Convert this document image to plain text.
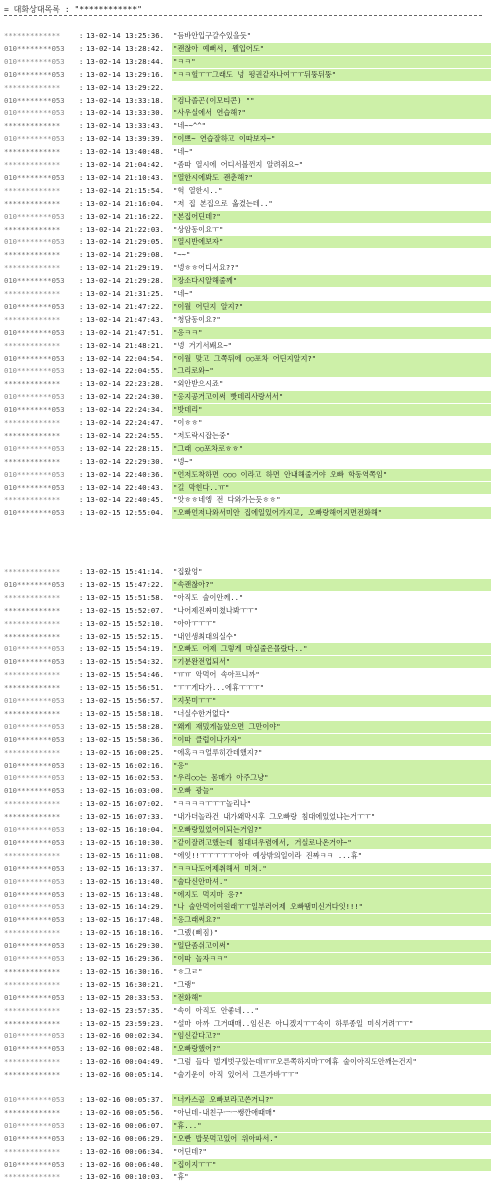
= 대화상대목록 : "************"
*************	: 13-02-14 13:25:36. "듬바안입구갈수있을듯"
010********053	: 13-02-14 13:28:42. "괜찮아 예뻐서, 웰입어도"
010********053	: 13-02-14 13:28:44. "ㅋㅋ"
010********053	: 13-02-14 13:29:16. "ㅋㅋ헐ㅜㅜ그래도 넝 펑권같자나여ㅜㅜ뒤뚱뒤뚱"
*************	: 13-02-14 13:29:22.
010********053	: 13-02-14 13:33:18. "검나졸곤(이모티콘) ""
010********053	: 13-02-14 13:33:30. "사우실에서 연습해?"
*************	: 13-02-14 13:33:43. "네~~^^"
010********053	: 13-02-14 13:39:39. "이쁘~ 연습잘하고 이따보자~"
*************	: 13-02-14 13:40:48. "네~"
*************	: 13-02-14 21:04:42. "좀따 열시에 어디서볼껀지 알려줘요~"
010********053	: 13-02-14 21:10:43. "열한시에봐도 괜춘해?"
*************	: 13-02-14 21:15:54. "헉 열한시.."
*************	: 13-02-14 21:16:04. "저 집 본집으로 옮겼는데.."
010********053	: 13-02-14 21:16:22. "본집어딘데?"
*************	: 13-02-14 21:22:03. "상암동이요ㅜ"
010********053	: 13-02-14 21:29:05. "열시반에보자"
*************	: 13-02-14 21:29:08. "~~"
*************	: 13-02-14 21:29:19. "넹ㅎㅎ어디서요??"
010********053	: 13-02-14 21:29:28. "장소다시알해줄께"
*************	: 13-02-14 21:31:25. "네~"
010********053	: 13-02-14 21:47:22. "이월 어딘지 알지?"
*************	: 13-02-14 21:47:43. "청담동이요?"
010********053	: 13-02-14 21:47:51. "응ㅋㅋ"
*************	: 13-02-14 21:48:21. "넹 거기서봬요~"
010********053	: 13-02-14 22:04:54. "이월 맞고 그쪽뒤에 ○○포차 어딘지알지?"
010********053	: 13-02-14 22:04:55. "그리로와~"
*************	: 13-02-14 22:23:28. "외안받으시죠"
010********053	: 13-02-14 22:24:30. "옹지공거고이써 빳데리사랑서서"
010********053	: 13-02-14 22:24:34. "밧데리"
*************	: 13-02-14 22:24:47. "이ㅎㅎ"
*************	: 13-02-14 22:24:55. "저도락시잡는중"
010********053	: 13-02-14 22:28:15. "그래 ○○포차로ㅎㅎ"
*************	: 13-02-14 22:29:30. "넹~"
010********053	: 13-02-14 22:40:36. "언저도착하면 ○○○ 이라고 하면 안내해줄거야 오빠 학동역쪽임"
010********053	: 13-02-14 22:40:43. "길 막힌다..ㅠ"
*************	: 13-02-14 22:40:45. "앗ㅎㅎ네엥 전 다와가는듯ㅎㅎ"
010********053	: 13-02-15 12:55:04. "오빠언저나와서미안 집에일있어가지고, 오빠랑해어지면전화해"
*************	: 13-02-15 15:41:14. "집왔엉"
010********053	: 13-02-15 15:47:22. "속괜찮아?"
*************	: 13-02-15 15:51:58. "아직도 술이안께.."
*************	: 13-02-15 15:52:07. "나어제진짜미쳤나봐ㅜㅜ"
*************	: 13-02-15 15:52:10. "아아ㅜㅜㅜ"
*************	: 13-02-15 15:52:15. "내인생최대의실수"
010********053	: 13-02-15 15:54:19. "오빠도 어제 그렇게 마실줄은몰랐다.."
010********053	: 13-02-15 15:54:32. "기분완전업되서"
*************	: 13-02-15 15:54:46. "ㅠㅠ 악먹어 속아프니까"
*************	: 13-02-15 15:56:51. "ㅜㅜ게다가...에휴ㅜㅜㅜ"
010********053	: 13-02-15 15:56:57. "지못미ㅜㅜ"
*************	: 13-02-15 15:58:18. "너실수한거없다"
010********053	: 13-02-15 15:58:28. "왜케 재밌게놀았으면 그만이야"
010********053	: 13-02-15 15:58:36. "이따 클럽이나가자"
*************	: 13-02-15 16:00:25. "에혹ㅋㅋ얼루히간데했지?"
010********053	: 13-02-15 16:02:16. "응"
010********053	: 13-02-15 16:02:53. "우리○○는 몸매가 아주그냥"
010********053	: 13-02-15 16:03:00. "오빠 광늘"
*************	: 13-02-15 16:07:02. "ㅋㅋㅋㅋㅜㅜㅜ놀리나"
*************	: 13-02-15 16:07:33. "내가더놀라건 내가왜막시후 그오빠랑 침대에있었냐는거ㅜㅜ"
010********053	: 13-02-15 16:10:04. "오빠랑있었어이되는거임?"
010********053	: 13-02-15 16:10:30. "같이잘려고했는데 침대녀우렴에서, 거실로나온거야~"
*************	: 13-02-15 16:11:08. "에잇!!ㅜㅜㅜㅜㅜ아아 예상밖의일이라 진짜ㅋㅋ ...휴"
010********053	: 13-02-15 16:13:37. "ㅋㅋ나도어제취해서 미쳐."
010********053	: 13-02-15 16:13:40. "술다신안마셔."
010********053	: 13-02-15 16:13:48. "에지도 먹지마 응?"
010********053	: 13-02-15 16:14:29. "나 술안먹어여원래ㅜㅜ일부러어제 오빠땜미신거다잇!!!"
010********053	: 13-02-15 16:17:48. "응그래써요?"
*************	: 13-02-15 16:18:16. "그랬(삐짐)"
010********053	: 13-02-15 16:29:30. "일단좀쉬고이써"
010********053	: 13-02-15 16:29:36. "이따 놀자ㅋㅋ"
*************	: 13-02-15 16:30:16. "ㅎ그ㄹ"
*************	: 13-02-15 16:30:21. "그랭"
010********053	: 13-02-15 20:33:53. "전화해"
*************	: 13-02-15 23:57:35. "속이 아직도 안좋네..."
*************	: 13-02-15 23:59:23. "설마 아까 그거때매..임신은 아니겠지ㅜㅜ속이 하루종일 미식거려ㅜㅜ"
010********053	: 13-02-16 00:02:34. "임신같다고?"
010********053	: 13-02-16 00:02:48. "오빠랑했어?"
*************	: 13-02-16 00:04:49. "그럼 들다 벌게벗구있는데ㅠㅠ오른쪽하지마ㅜ에휴 술이아직도안깨는건지"
*************	: 13-02-16 00:05:14. "술기운이 아직 있어서 그른가바ㅜㅜ"
010********053	: 13-02-16 00:05:37. "너카스골 오빠보라고쓴거니?"
*************	: 13-02-16 00:05:56. "아닌데-내친구ㅡㅡ쌩깐애때매"
010********053	: 13-02-16 00:06:07. "휴..."
010********053	: 13-02-16 00:06:29. "오빤 밥못먹고있어 위아파서."
*************	: 13-02-16 00:06:34. "어딘데?"
010********053	: 13-02-16 00:06:40. "집이지ㅜㅜ"
*************	: 13-02-16 00:10:03. "휴"
